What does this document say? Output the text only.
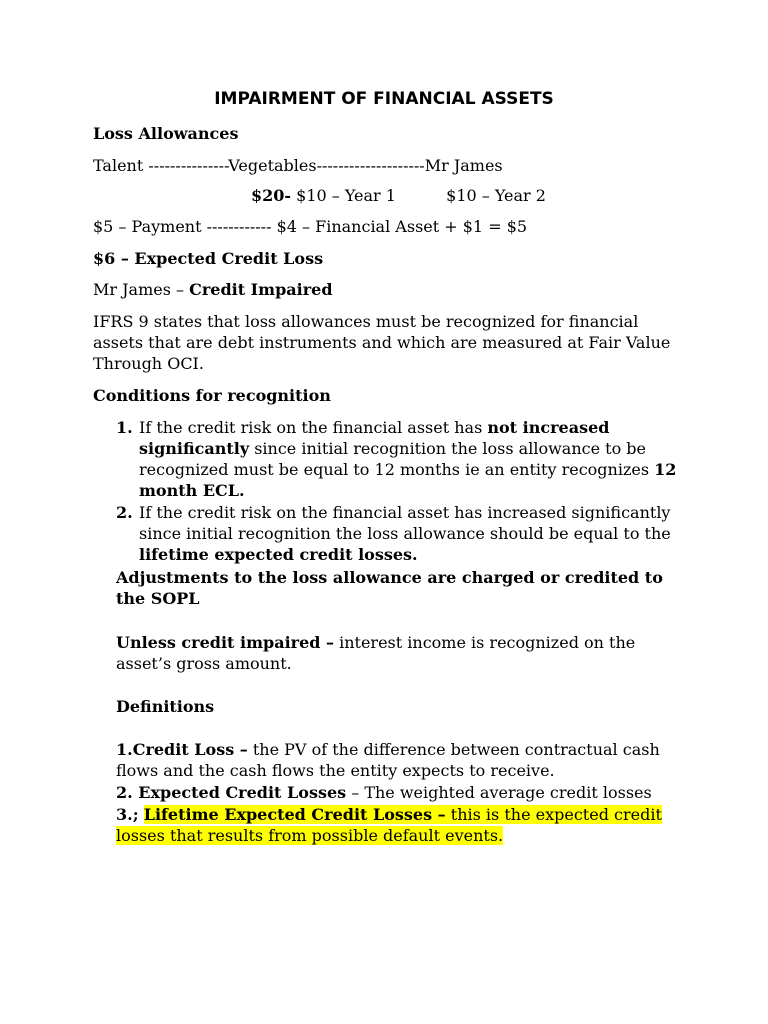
IMPAIRMENT OF FINANCIAL ASSETS
Loss Allowances
Talent ---------------Vegetables--------------------Mr James
$20- $10 – Year 1	$10 – Year 2
$5 – Payment ------------ $4 – Financial Asset + $1 = $5
$6 – Expected Credit Loss
Mr James – Credit Impaired
IFRS 9 states that loss allowances must be recognized for financial assets that are debt instruments and which are measured at Fair Value Through OCI.
Conditions for recognition
1. If the credit risk on the financial asset has not increased significantly since initial recognition the loss allowance to be recognized must be equal to 12 months ie an entity recognizes 12 month ECL.
2. If the credit risk on the financial asset has increased significantly since initial recognition the loss allowance should be equal to the lifetime expected credit losses.
Adjustments to the loss allowance are charged or credited to the SOPL
Unless credit impaired – interest income is recognized on the asset’s gross amount.
Definitions
1.Credit Loss – the PV of the difference between contractual cash flows and the cash flows the entity expects to receive.
2. Expected Credit Losses – The weighted average credit losses
3.; Lifetime Expected Credit Losses – this is the expected credit losses that results from possible default events.
